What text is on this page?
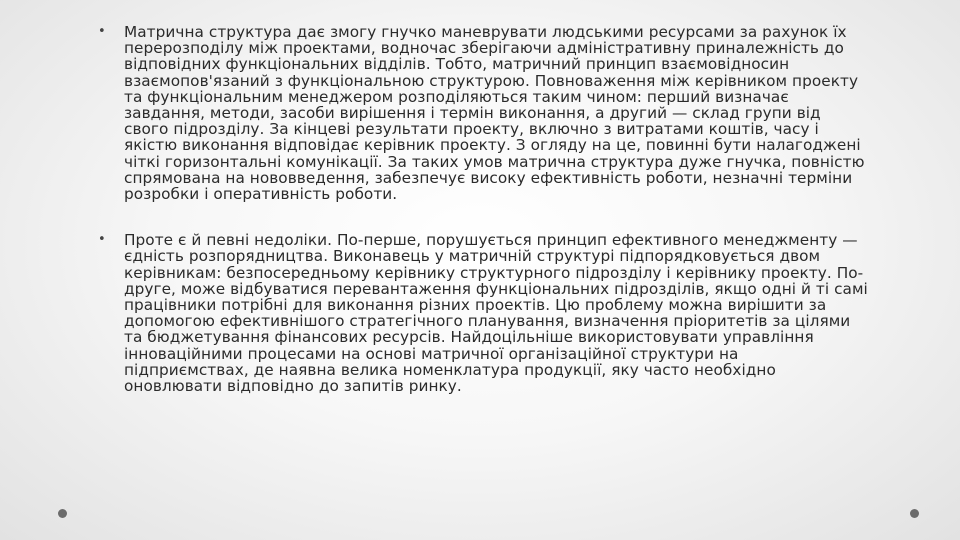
• Матрична структура дає змогу гнучко маневрувати людськими ресурсами за рахунок їх перерозподілу між проектами, водночас зберігаючи адміністративну приналежність до відповідних функціональних відділів. Тобто, матричний принцип взаємовідносин взаємопов'язаний з функціональною структурою. Повноваження між керівником проекту та функціональним менеджером розподіляються таким чином: перший визначає завдання, методи, засоби вирішення і термін виконання, а другий — склад групи від свого підрозділу. За кінцеві результати проекту, включно з витратами коштів, часу і якістю виконання відповідає керівник проекту. З огляду на це, повинні бути налагоджені чіткі горизонтальні комунікації. За таких умов матрична структура дуже гнучка, повністю спрямована на нововведення, забезпечує високу ефективність роботи, незначні терміни розробки і оперативність роботи.
• Проте є й певні недоліки. По-перше, порушується принцип ефективного менеджменту — єдність розпорядництва. Виконавець у матричній структурі підпорядковується двом керівникам: безпосередньому керівнику структурного підрозділу і керівнику проекту. По-друге, може відбуватися перевантаження функціональних підрозділів, якщо одні й ті самі працівники потрібні для виконання різних проектів. Цю проблему можна вирішити за допомогою ефективнішого стратегічного планування, визначення пріоритетів за цілями та бюджетування фінансових ресурсів. Найдоцільніше використовувати управління інноваційними процесами на основі матричної організаційної структури на підприємствах, де наявна велика номенклатура продукції, яку часто необхідно оновлювати відповідно до запитів ринку.
